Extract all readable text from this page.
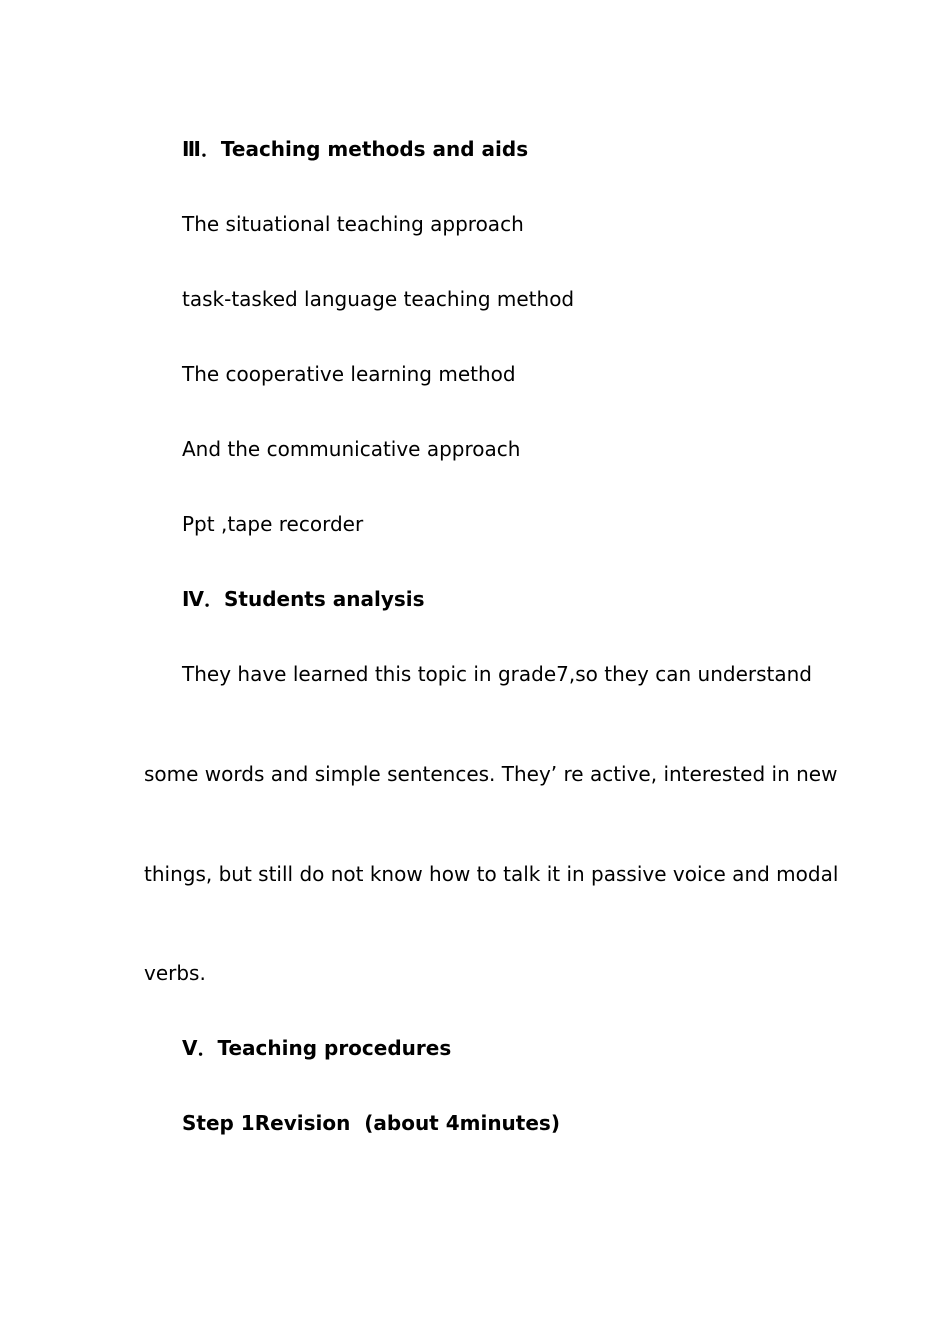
Ⅲ．Teaching methods and aids
The situational teaching approach
task-tasked language teaching method
The cooperative learning method
And the communicative approach
Ppt ,tape recorder
Ⅳ．Students analysis
They have learned this topic in grade7,so they can understand
some words and simple sentences. They’ re active, interested in new
things, but still do not know how to talk it in passive voice and modal
verbs.
Ⅴ．Teaching procedures
Step 1Revision  (about 4minutes)
